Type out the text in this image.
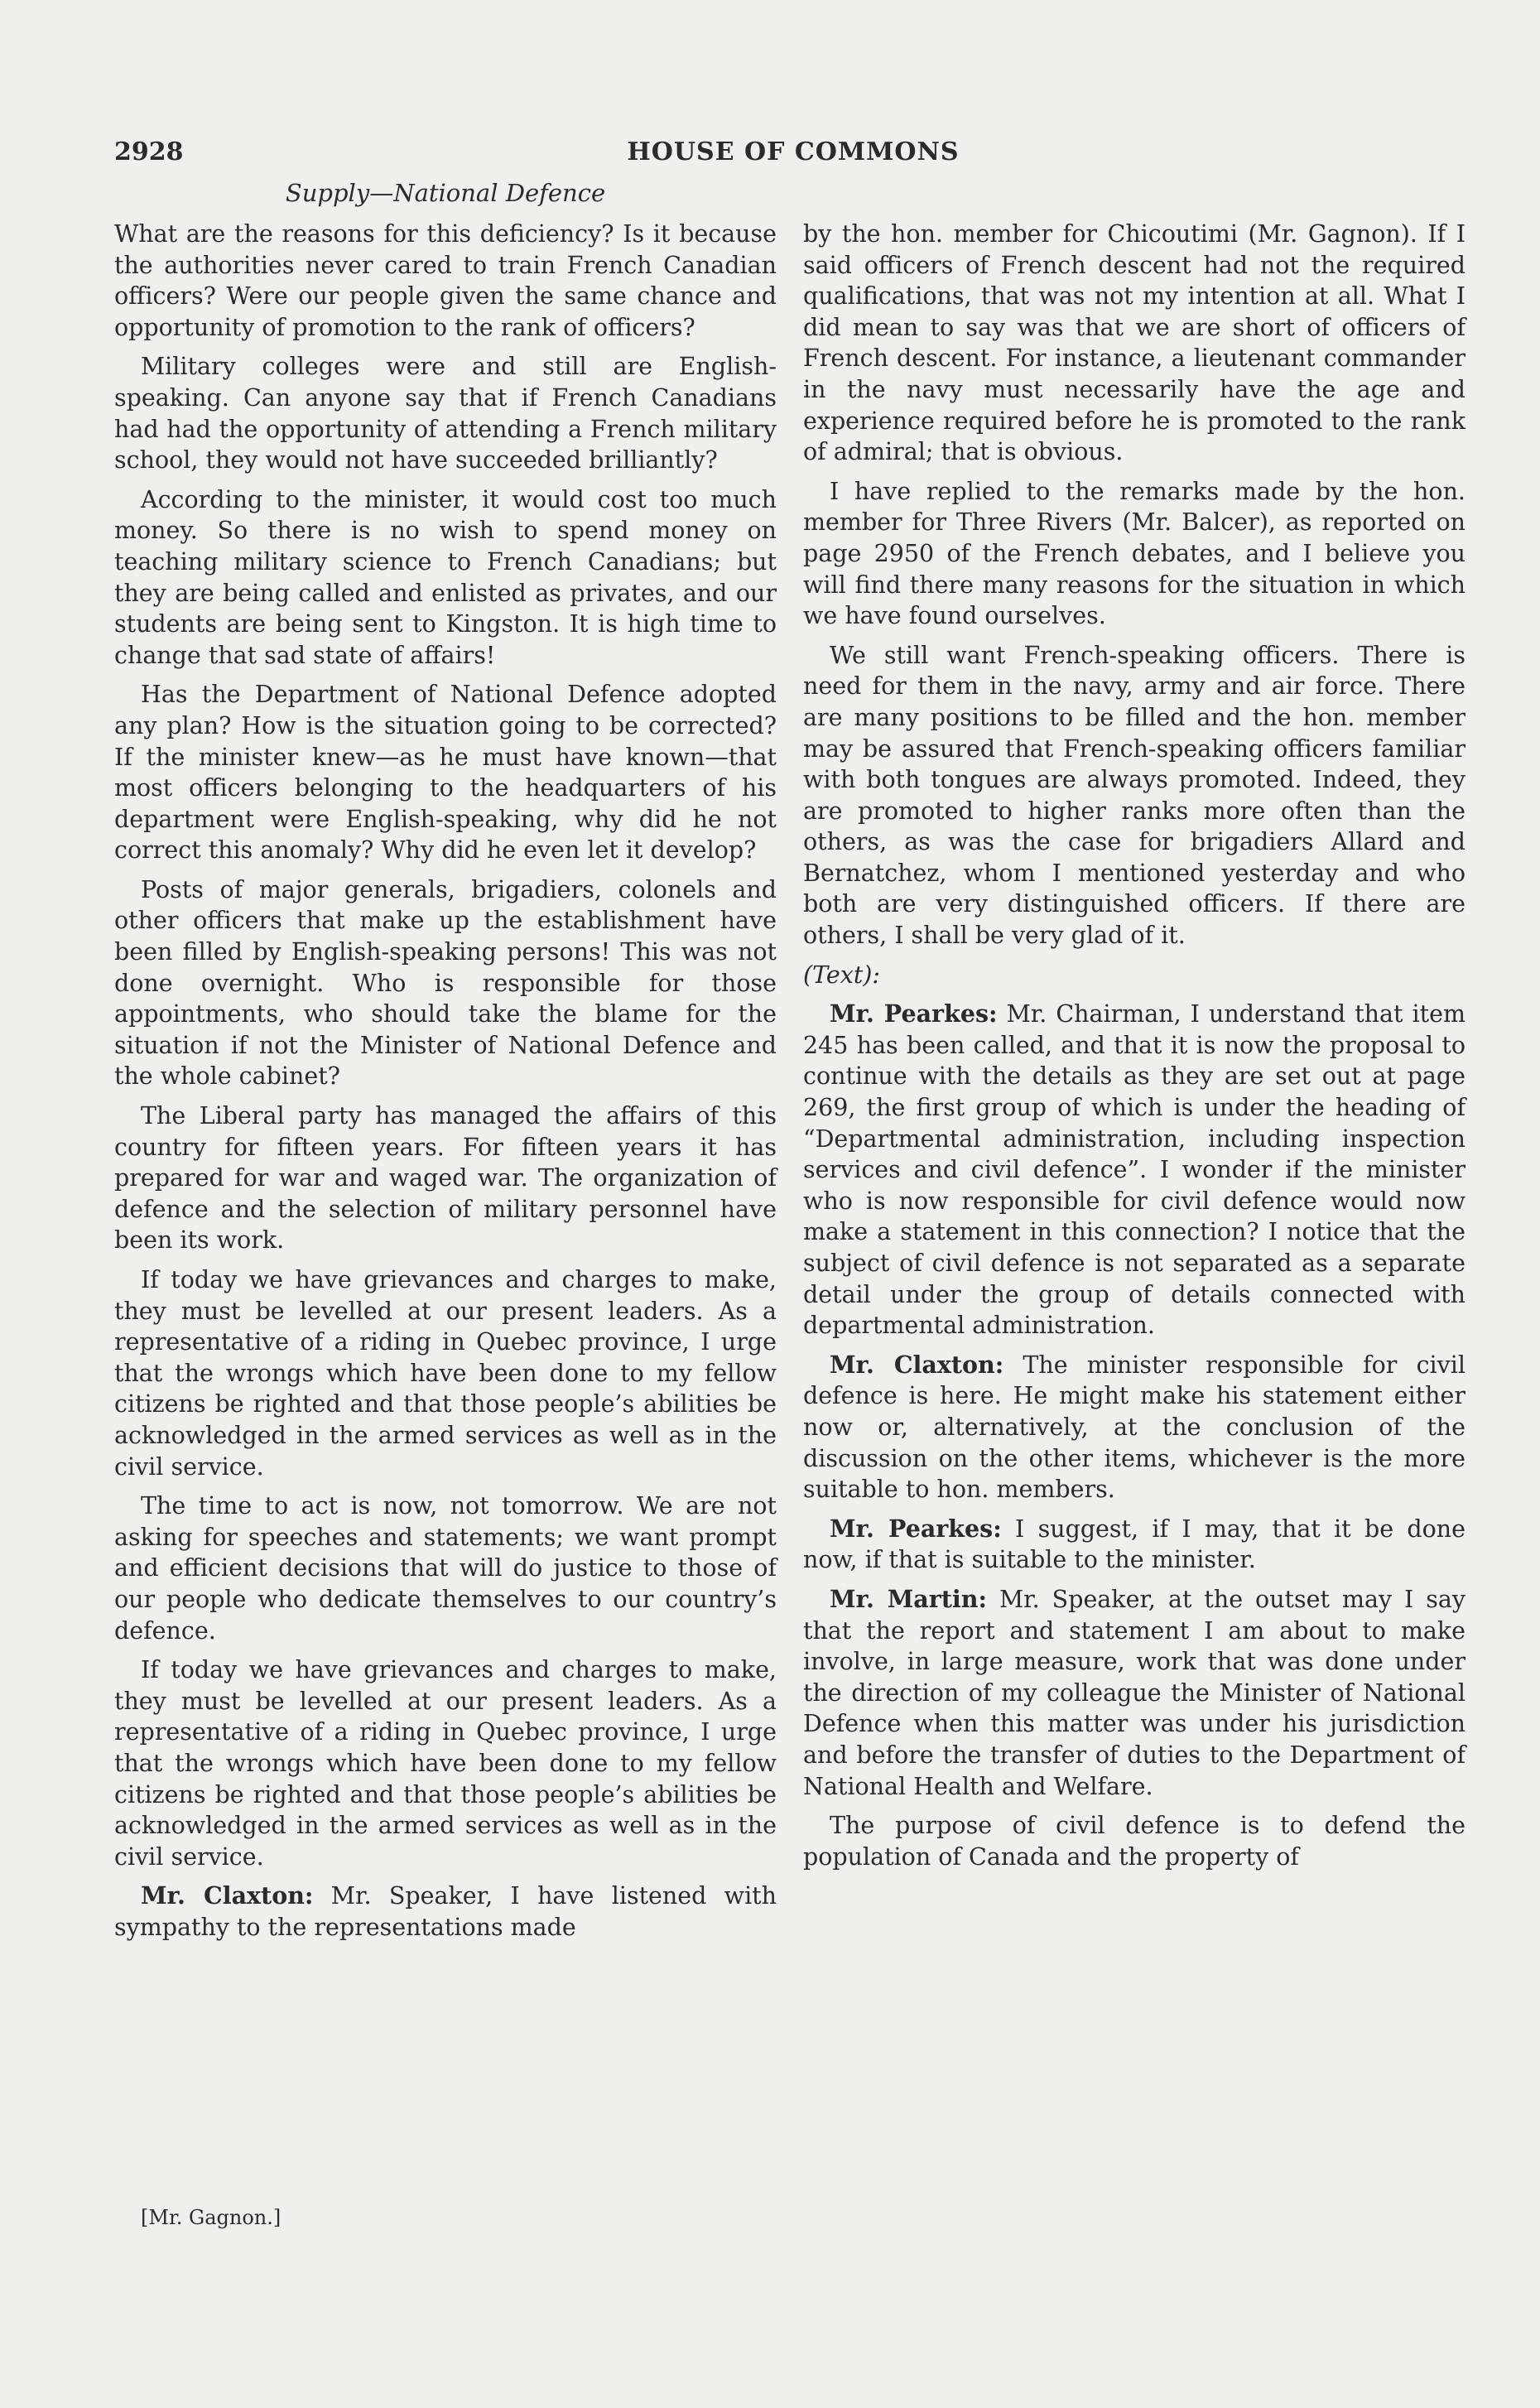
2928	HOUSE OF COMMONS
Supply—National Defence

What are the reasons for this deficiency? Is it because the authorities never cared to train French Canadian officers? Were our people given the same chance and opportunity of promotion to the rank of officers?

Military colleges were and still are English-speaking. Can anyone say that if French Canadians had had the opportunity of attending a French military school, they would not have succeeded brilliantly?

According to the minister, it would cost too much money. So there is no wish to spend money on teaching military science to French Canadians; but they are being called and enlisted as privates, and our students are being sent to Kingston. It is high time to change that sad state of affairs!

Has the Department of National Defence adopted any plan? How is the situation going to be corrected? If the minister knew—as he must have known—that most officers belonging to the headquarters of his department were English-speaking, why did he not correct this anomaly? Why did he even let it develop?

Posts of major generals, brigadiers, colonels and other officers that make up the establishment have been filled by English-speaking persons! This was not done overnight. Who is responsible for those appointments, who should take the blame for the situation if not the Minister of National Defence and the whole cabinet?

The Liberal party has managed the affairs of this country for fifteen years. For fifteen years it has prepared for war and waged war. The organization of defence and the selection of military personnel have been its work.

If today we have grievances and charges to make, they must be levelled at our present leaders. As a representative of a riding in Quebec province, I urge that the wrongs which have been done to my fellow citizens be righted and that those people’s abilities be acknowledged in the armed services as well as in the civil service.

The time to act is now, not tomorrow. We are not asking for speeches and statements; we want prompt and efficient decisions that will do justice to those of our people who dedicate themselves to our country’s defence.

If today we have grievances and charges to make, they must be levelled at our present leaders. As a representative of a riding in Quebec province, I urge that the wrongs which have been done to my fellow citizens be righted and that those people’s abilities be acknowledged in the armed services as well as in the civil service.

Mr. Claxton: Mr. Speaker, I have listened with sympathy to the representations made

by the hon. member for Chicoutimi (Mr. Gagnon). If I said officers of French descent had not the required qualifications, that was not my intention at all. What I did mean to say was that we are short of officers of French descent. For instance, a lieutenant commander in the navy must necessarily have the age and experience required before he is promoted to the rank of admiral; that is obvious.

I have replied to the remarks made by the hon. member for Three Rivers (Mr. Balcer), as reported on page 2950 of the French debates, and I believe you will find there many reasons for the situation in which we have found ourselves.

We still want French-speaking officers. There is need for them in the navy, army and air force. There are many positions to be filled and the hon. member may be assured that French-speaking officers familiar with both tongues are always promoted. Indeed, they are promoted to higher ranks more often than the others, as was the case for brigadiers Allard and Bernatchez, whom I mentioned yesterday and who both are very distinguished officers. If there are others, I shall be very glad of it.

(Text):

Mr. Pearkes: Mr. Chairman, I understand that item 245 has been called, and that it is now the proposal to continue with the details as they are set out at page 269, the first group of which is under the heading of “Departmental administration, including inspection services and civil defence”. I wonder if the minister who is now responsible for civil defence would now make a statement in this connection? I notice that the subject of civil defence is not separated as a separate detail under the group of details connected with departmental administration.

Mr. Claxton: The minister responsible for civil defence is here. He might make his statement either now or, alternatively, at the conclusion of the discussion on the other items, whichever is the more suitable to hon. members.

Mr. Pearkes: I suggest, if I may, that it be done now, if that is suitable to the minister.

Mr. Martin: Mr. Speaker, at the outset may I say that the report and statement I am about to make involve, in large measure, work that was done under the direction of my colleague the Minister of National Defence when this matter was under his jurisdiction and before the transfer of duties to the Department of National Health and Welfare.

The purpose of civil defence is to defend the population of Canada and the property of

[Mr. Gagnon.]
